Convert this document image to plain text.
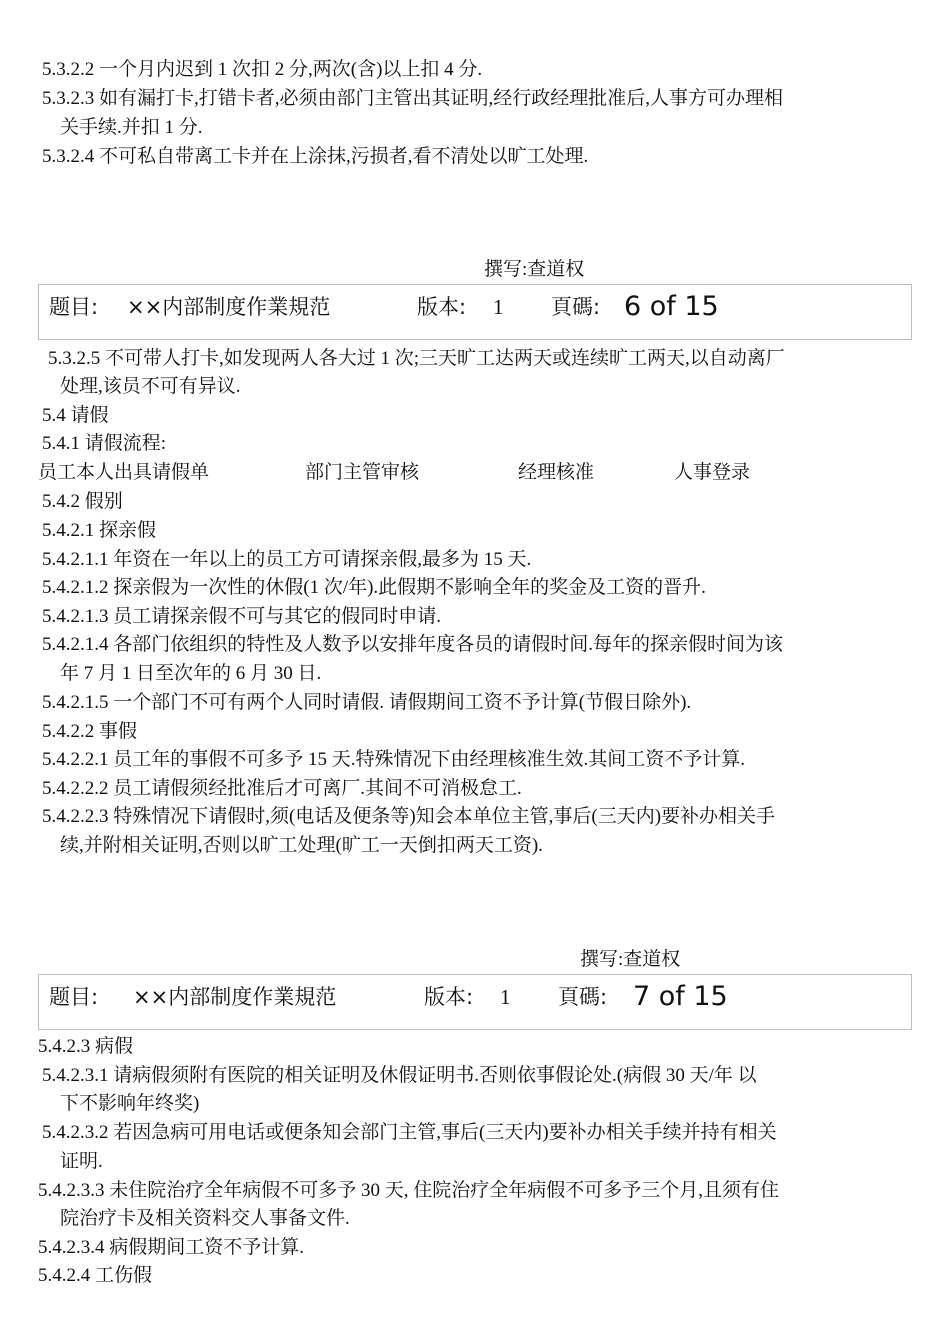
5.3.2.2 一个月内迟到 1 次扣 2 分,两次(含)以上扣 4 分.
5.3.2.3 如有漏打卡,打错卡者,必须由部门主管出其证明,经行政经理批准后,人事方可办理相
关手续.并扣 1 分.
5.3.2.4 不可私自带离工卡并在上涂抹,污损者,看不清处以旷工处理.
撰写:查道权
题目: ××内部制度作業規范	版本: 1 頁碼: 6 of 15
5.3.2.5 不可带人打卡,如发现两人各大过 1 次;三天旷工达两天或连续旷工两天,以自动离厂
处理,该员不可有异议.
5.4 请假
5.4.1 请假流程:
员工本人出具请假单	部门主管审核	经理核准	人事登录
5.4.2 假别
5.4.2.1 探亲假
5.4.2.1.1 年资在一年以上的员工方可请探亲假,最多为 15 天.
5.4.2.1.2 探亲假为一次性的休假(1 次/年).此假期不影响全年的奖金及工资的晋升.
5.4.2.1.3 员工请探亲假不可与其它的假同时申请.
5.4.2.1.4 各部门依组织的特性及人数予以安排年度各员的请假时间.每年的探亲假时间为该
年 7 月 1 日至次年的 6 月 30 日.
5.4.2.1.5 一个部门不可有两个人同时请假. 请假期间工资不予计算(节假日除外).
5.4.2.2 事假
5.4.2.2.1 员工年的事假不可多予 15 天.特殊情况下由经理核准生效.其间工资不予计算.
5.4.2.2.2 员工请假须经批准后才可离厂.其间不可消极怠工.
5.4.2.2.3 特殊情况下请假时,须(电话及便条等)知会本单位主管,事后(三天内)要补办相关手
续,并附相关证明,否则以旷工处理(旷工一天倒扣两天工资).
撰写:查道权
题目: ××内部制度作業規范	版本: 1 頁碼: 7 of 15
5.4.2.3 病假
5.4.2.3.1 请病假须附有医院的相关证明及休假证明书.否则依事假论处.(病假 30 天/年 以
下不影响年终奖)
5.4.2.3.2 若因急病可用电话或便条知会部门主管,事后(三天内)要补办相关手续并持有相关
证明.
5.4.2.3.3 未住院治疗全年病假不可多予 30 天, 住院治疗全年病假不可多予三个月,且须有住
院治疗卡及相关资料交人事备文件.
5.4.2.3.4 病假期间工资不予计算.
5.4.2.4 工伤假
